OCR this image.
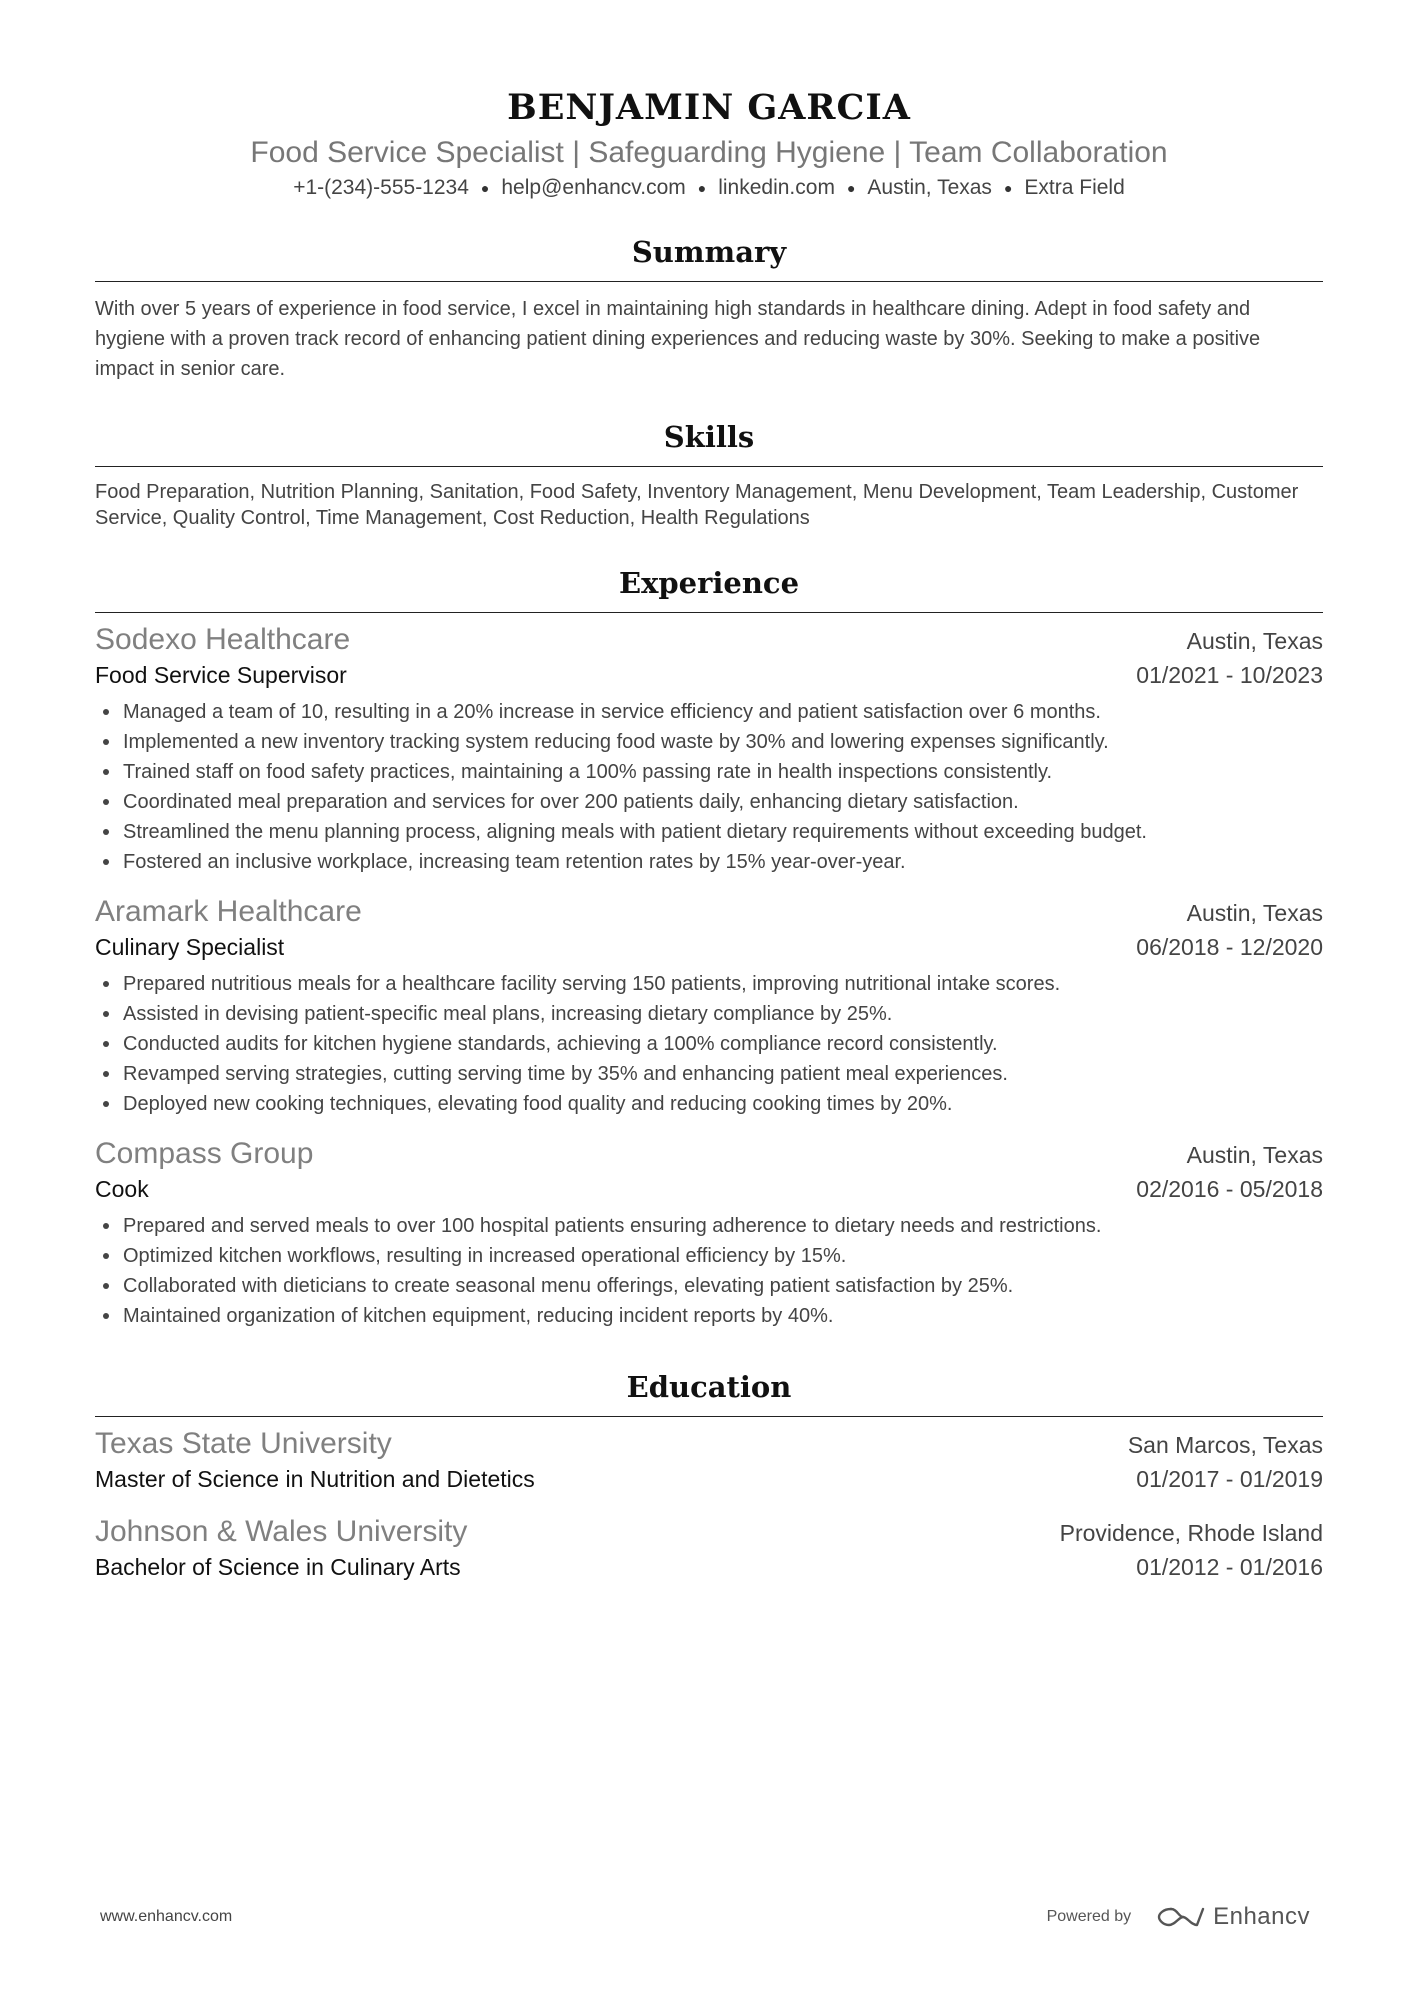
BENJAMIN GARCIA
Food Service Specialist | Safeguarding Hygiene | Team Collaboration
+1-(234)-555-1234 ● help@enhancv.com ● linkedin.com ● Austin, Texas ● Extra Field
Summary
With over 5 years of experience in food service, I excel in maintaining high standards in healthcare dining. Adept in food safety and hygiene with a proven track record of enhancing patient dining experiences and reducing waste by 30%. Seeking to make a positive impact in senior care.
Skills
Food Preparation, Nutrition Planning, Sanitation, Food Safety, Inventory Management, Menu Development, Team Leadership, Customer Service, Quality Control, Time Management, Cost Reduction, Health Regulations
Experience
Sodexo Healthcare	Austin, Texas
Food Service Supervisor	01/2021 - 10/2023
Managed a team of 10, resulting in a 20% increase in service efficiency and patient satisfaction over 6 months.
Implemented a new inventory tracking system reducing food waste by 30% and lowering expenses significantly.
Trained staff on food safety practices, maintaining a 100% passing rate in health inspections consistently.
Coordinated meal preparation and services for over 200 patients daily, enhancing dietary satisfaction.
Streamlined the menu planning process, aligning meals with patient dietary requirements without exceeding budget.
Fostered an inclusive workplace, increasing team retention rates by 15% year-over-year.
Aramark Healthcare	Austin, Texas
Culinary Specialist	06/2018 - 12/2020
Prepared nutritious meals for a healthcare facility serving 150 patients, improving nutritional intake scores.
Assisted in devising patient-specific meal plans, increasing dietary compliance by 25%.
Conducted audits for kitchen hygiene standards, achieving a 100% compliance record consistently.
Revamped serving strategies, cutting serving time by 35% and enhancing patient meal experiences.
Deployed new cooking techniques, elevating food quality and reducing cooking times by 20%.
Compass Group	Austin, Texas
Cook	02/2016 - 05/2018
Prepared and served meals to over 100 hospital patients ensuring adherence to dietary needs and restrictions.
Optimized kitchen workflows, resulting in increased operational efficiency by 15%.
Collaborated with dieticians to create seasonal menu offerings, elevating patient satisfaction by 25%.
Maintained organization of kitchen equipment, reducing incident reports by 40%.
Education
Texas State University	San Marcos, Texas
Master of Science in Nutrition and Dietetics	01/2017 - 01/2019
Johnson & Wales University	Providence, Rhode Island
Bachelor of Science in Culinary Arts	01/2012 - 01/2016
www.enhancv.com	Powered by	Enhancv
